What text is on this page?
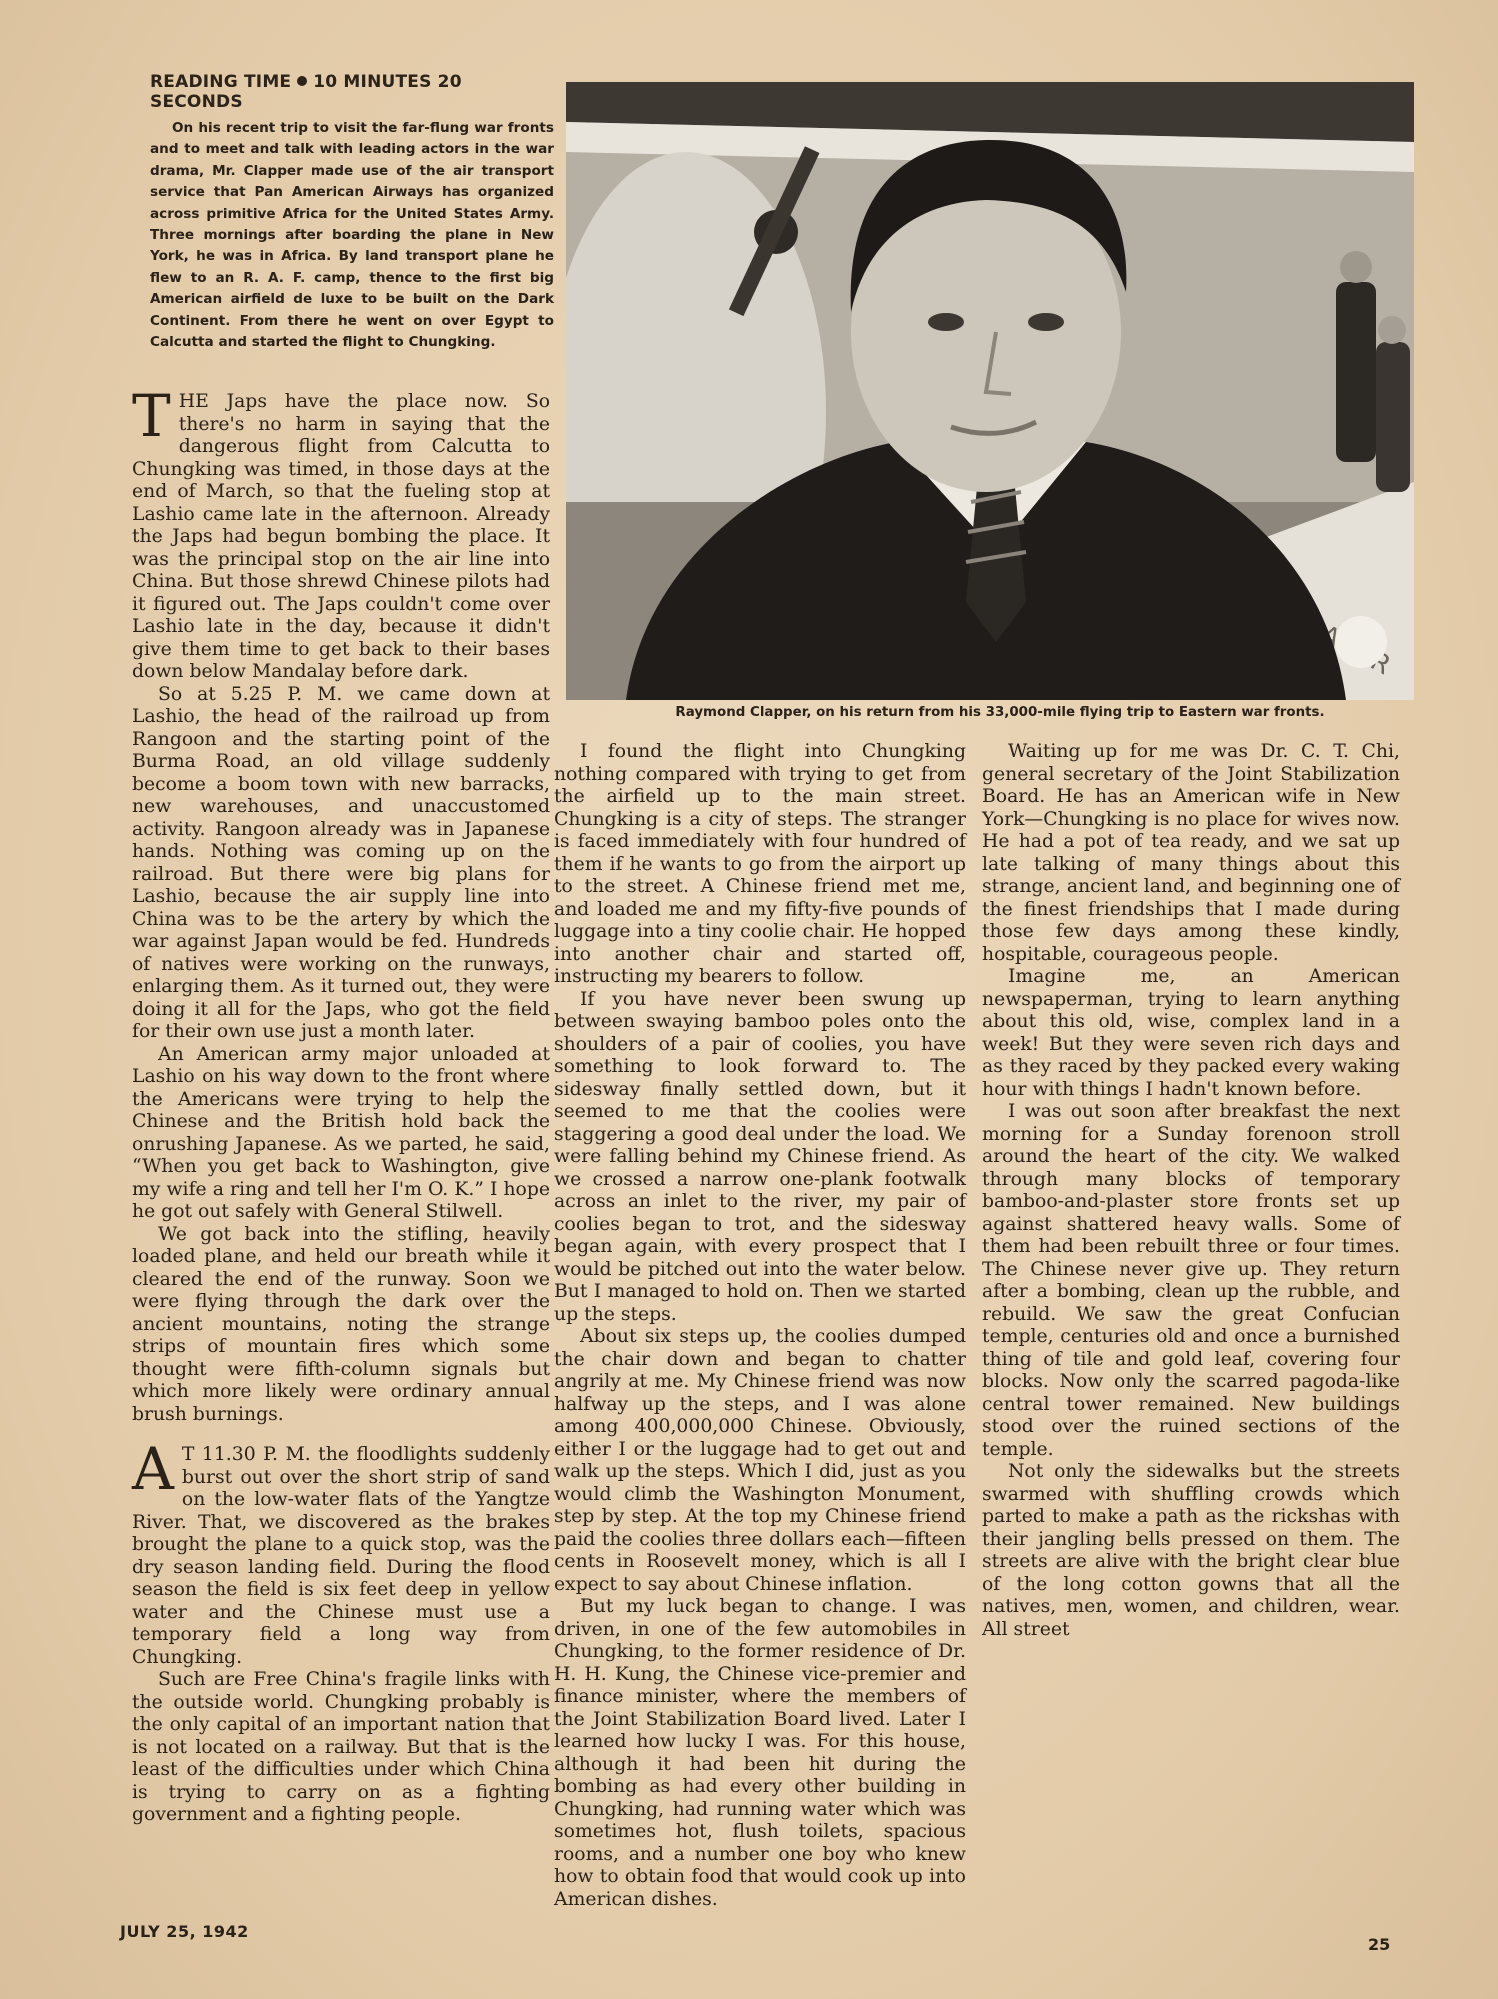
READING TIME 10 MINUTES 20 SECONDS
On his recent trip to visit the far-flung war fronts and to meet and talk with leading actors in the war drama, Mr. Clapper made use of the air transport service that Pan American Airways has organized across primitive Africa for the United States Army. Three mornings after boarding the plane in New York, he was in Africa. By land transport plane he flew to an R. A. F. camp, thence to the first big American airfield de luxe to be built on the Dark Continent. From there he went on over Egypt to Calcutta and started the flight to Chungking.
Raymond Clapper, on his return from his 33,000-mile flying trip to Eastern war fronts.

THE Japs have the place now. So there's no harm in saying that the dangerous flight from Calcutta to Chungking was timed, in those days at the end of March, so that the fueling stop at Lashio came late in the afternoon. Already the Japs had begun bombing the place. It was the principal stop on the air line into China. But those shrewd Chinese pilots had it figured out. The Japs couldn't come over Lashio late in the day, because it didn't give them time to get back to their bases down below Mandalay before dark.

So at 5.25 P. M. we came down at Lashio, the head of the railroad up from Rangoon and the starting point of the Burma Road, an old village suddenly become a boom town with new barracks, new warehouses, and unaccustomed activity. Rangoon already was in Japanese hands. Nothing was coming up on the railroad. But there were big plans for Lashio, because the air supply line into China was to be the artery by which the war against Japan would be fed. Hundreds of natives were working on the runways, enlarging them. As it turned out, they were doing it all for the Japs, who got the field for their own use just a month later.

An American army major unloaded at Lashio on his way down to the front where the Americans were trying to help the Chinese and the British hold back the onrushing Japanese. As we parted, he said, “When you get back to Washington, give my wife a ring and tell her I'm O. K.” I hope he got out safely with General Stilwell.

We got back into the stifling, heavily loaded plane, and held our breath while it cleared the end of the runway. Soon we were flying through the dark over the ancient mountains, noting the strange strips of mountain fires which some thought were fifth-column signals but which more likely were ordinary annual brush burnings.

A T 11.30 P. M. the floodlights suddenly burst out over the short strip of sand on the low-water flats of the Yangtze River. That, we discovered as the brakes brought the plane to a quick stop, was the dry season landing field. During the flood season the field is six feet deep in yellow water and the Chinese must use a temporary field a long way from Chungking.

Such are Free China's fragile links with the outside world. Chungking probably is the only capital of an important nation that is not located on a railway. But that is the least of the difficulties under which China is trying to carry on as a fighting government and a fighting people.

I found the flight into Chungking nothing compared with trying to get from the airfield up to the main street. Chungking is a city of steps. The stranger is faced immediately with four hundred of them if he wants to go from the airport up to the street. A Chinese friend met me, and loaded me and my fifty-five pounds of luggage into a tiny coolie chair. He hopped into another chair and started off, instructing my bearers to follow.

If you have never been swung up between swaying bamboo poles onto the shoulders of a pair of coolies, you have something to look forward to. The sidesway finally settled down, but it seemed to me that the coolies were staggering a good deal under the load. We were falling behind my Chinese friend. As we crossed a narrow one-plank footwalk across an inlet to the river, my pair of coolies began to trot, and the sidesway began again, with every prospect that I would be pitched out into the water below. But I managed to hold on. Then we started up the steps.

About six steps up, the coolies dumped the chair down and began to chatter angrily at me. My Chinese friend was now halfway up the steps, and I was alone among 400,000,000 Chinese. Obviously, either I or the luggage had to get out and walk up the steps. Which I did, just as you would climb the Washington Monument, step by step. At the top my Chinese friend paid the coolies three dollars each—fifteen cents in Roosevelt money, which is all I expect to say about Chinese inflation.

But my luck began to change. I was driven, in one of the few automobiles in Chungking, to the former residence of Dr. H. H. Kung, the Chinese vice-premier and finance minister, where the members of the Joint Stabilization Board lived. Later I learned how lucky I was. For this house, although it had been hit during the bombing as had every other building in Chungking, had running water which was sometimes hot, flush toilets, spacious rooms, and a number one boy who knew how to obtain food that would cook up into American dishes.

Waiting up for me was Dr. C. T. Chi, general secretary of the Joint Stabilization Board. He has an American wife in New York—Chungking is no place for wives now. He had a pot of tea ready, and we sat up late talking of many things about this strange, ancient land, and beginning one of the finest friendships that I made during those few days among these kindly, hospitable, courageous people.

Imagine me, an American newspaperman, trying to learn anything about this old, wise, complex land in a week! But they were seven rich days and as they raced by they packed every waking hour with things I hadn't known before.

I was out soon after breakfast the next morning for a Sunday forenoon stroll around the heart of the city. We walked through many blocks of temporary bamboo-and-plaster store fronts set up against shattered heavy walls. Some of them had been rebuilt three or four times. The Chinese never give up. They return after a bombing, clean up the rubble, and rebuild. We saw the great Confucian temple, centuries old and once a burnished thing of tile and gold leaf, covering four blocks. Now only the scarred pagoda-like central tower remained. New buildings stood over the ruined sections of the temple.

Not only the sidewalks but the streets swarmed with shuffling crowds which parted to make a path as the rickshas with their jangling bells pressed on them. The streets are alive with the bright clear blue of the long cotton gowns that all the natives, men, women, and children, wear. All street

JULY 25, 1942
25
